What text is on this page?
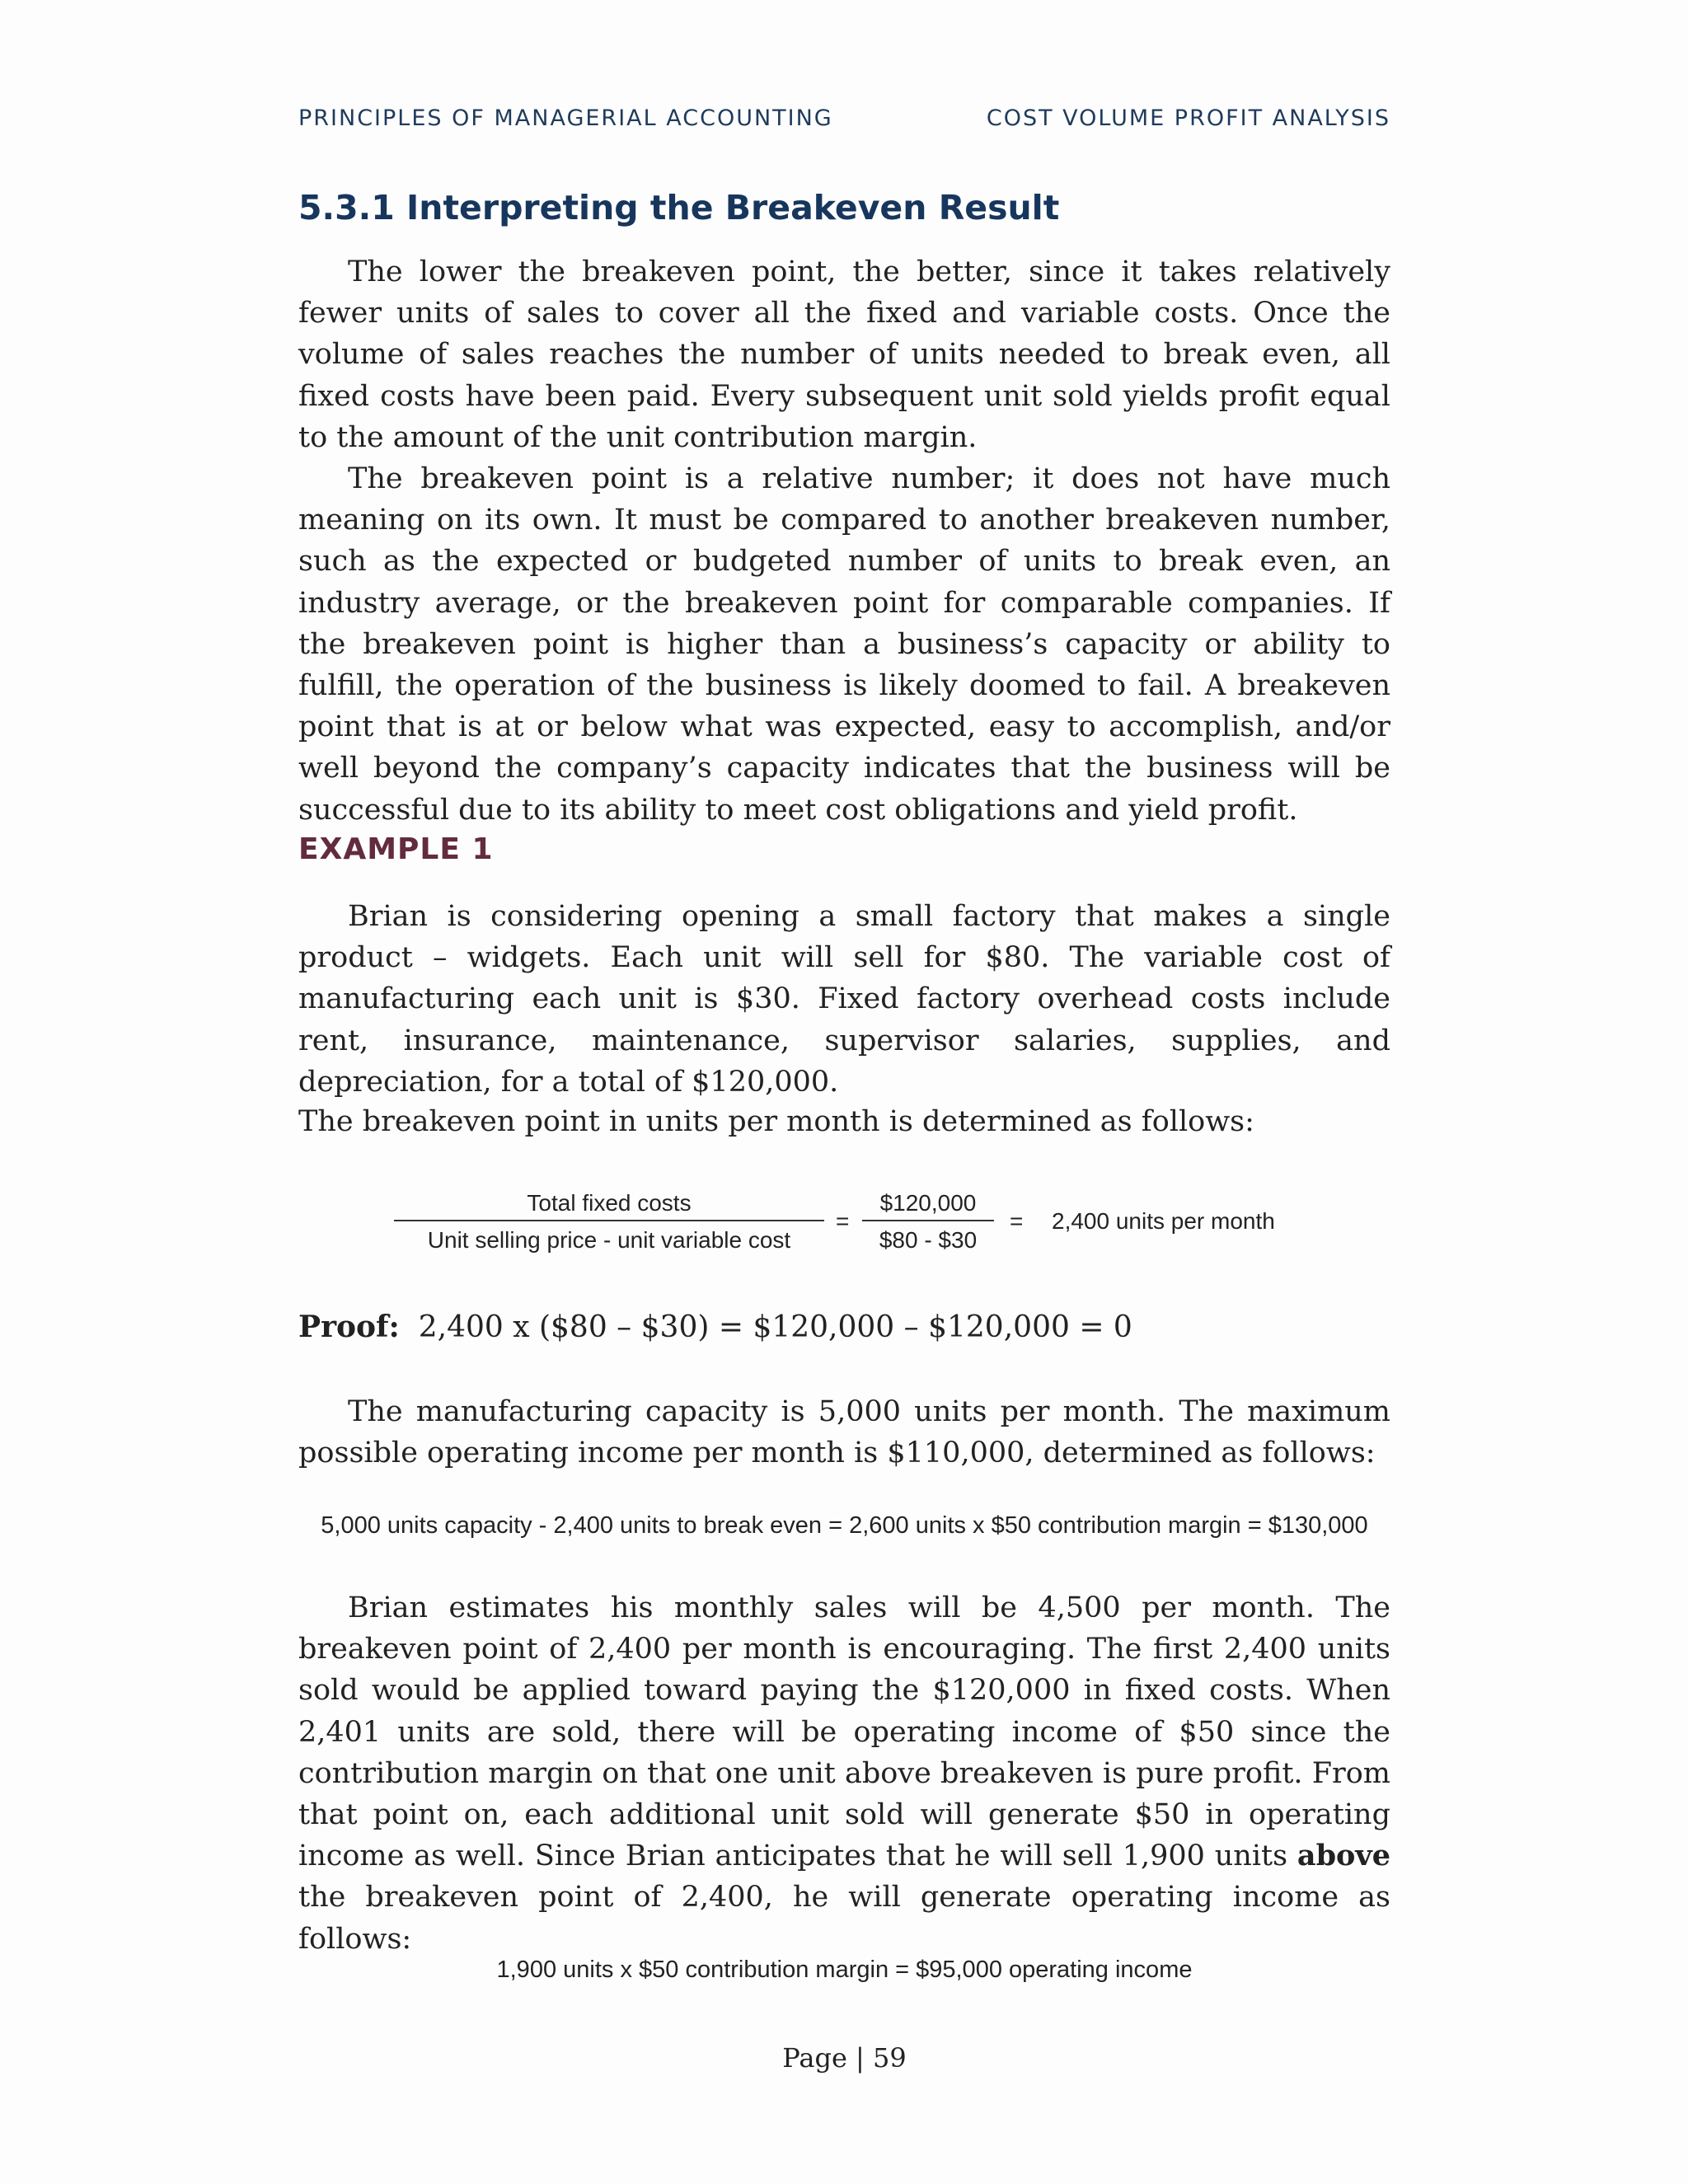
PRINCIPLES OF MANAGERIAL ACCOUNTING	COST VOLUME PROFIT ANALYSIS
5.3.1 Interpreting the Breakeven Result

The lower the breakeven point, the better, since it takes relatively fewer units of sales to cover all the fixed and variable costs. Once the volume of sales reaches the number of units needed to break even, all fixed costs have been paid. Every subsequent unit sold yields profit equal to the amount of the unit contribution margin.

The breakeven point is a relative number; it does not have much meaning on its own. It must be compared to another breakeven number, such as the expected or budgeted number of units to break even, an industry average, or the breakeven point for comparable companies. If the breakeven point is higher than a business’s capacity or ability to fulfill, the operation of the business is likely doomed to fail. A breakeven point that is at or below what was expected, easy to accomplish, and/or well beyond the company’s capacity indicates that the business will be successful due to its ability to meet cost obligations and yield profit.

EXAMPLE 1

Brian is considering opening a small factory that makes a single product – widgets. Each unit will sell for $80. The variable cost of manufacturing each unit is $30. Fixed factory overhead costs include rent, insurance, maintenance, supervisor salaries, supplies, and depreciation, for a total of $120,000.

The breakeven point in units per month is determined as follows:

Total fixed costs
Unit selling price - unit variable cost
=
$120,000
$80 - $30
= 2,400 units per month

Proof: 2,400 x ($80 – $30) = $120,000 – $120,000 = 0

The manufacturing capacity is 5,000 units per month. The maximum possible operating income per month is $110,000, determined as follows:

5,000 units capacity - 2,400 units to break even = 2,600 units x $50 contribution margin = $130,000

Brian estimates his monthly sales will be 4,500 per month. The breakeven point of 2,400 per month is encouraging. The first 2,400 units sold would be applied toward paying the $120,000 in fixed costs. When 2,401 units are sold, there will be operating income of $50 since the contribution margin on that one unit above breakeven is pure profit. From that point on, each additional unit sold will generate $50 in operating income as well. Since Brian anticipates that he will sell 1,900 units above the breakeven point of 2,400, he will generate operating income as follows:

1,900 units x $50 contribution margin = $95,000 operating income

Page | 59
